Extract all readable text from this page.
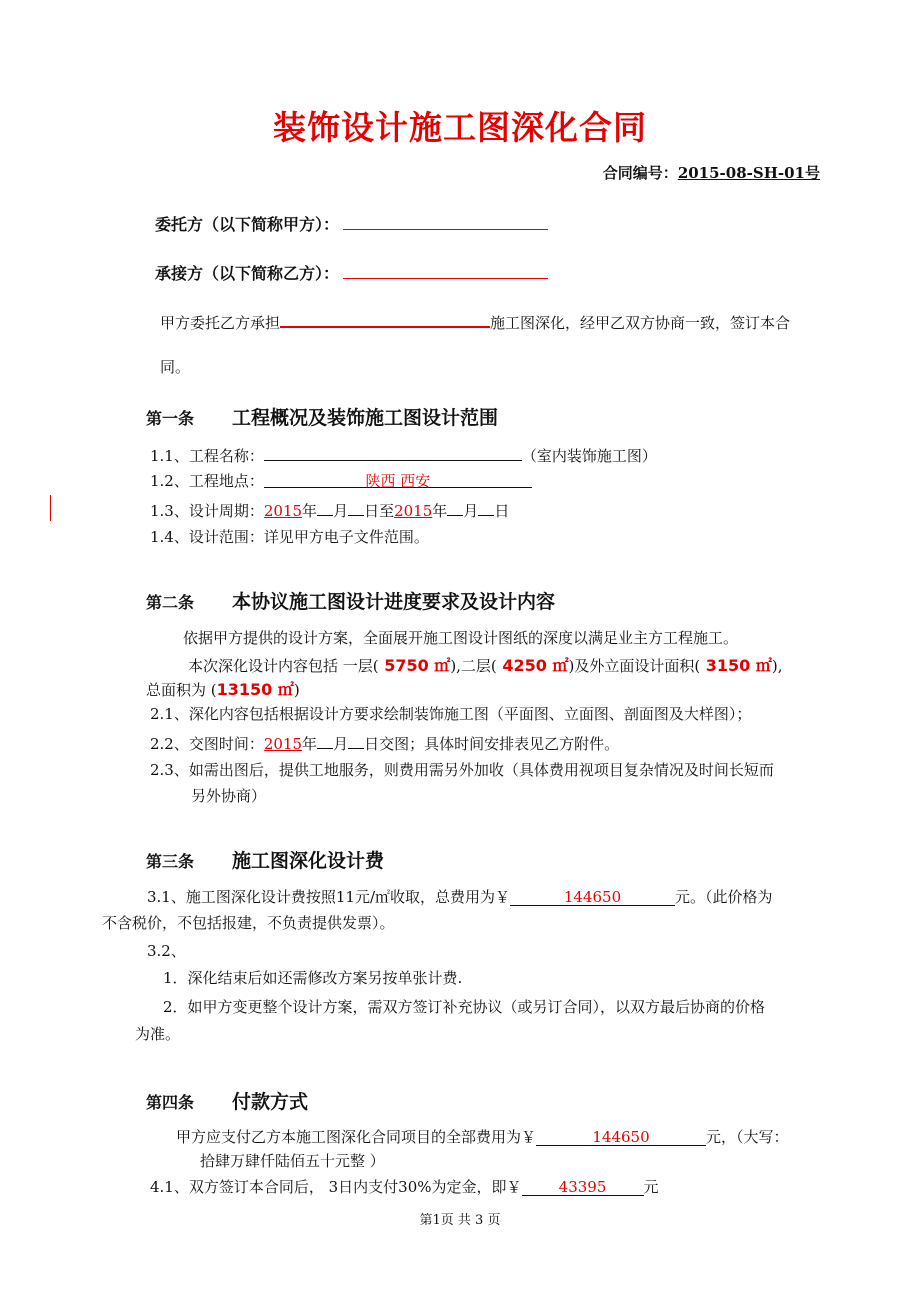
装饰设计施工图深化合同
合同编号：2015-08-SH-01号
委托方（以下简称甲方）：
承接方（以下简称乙方）：
甲方委托乙方承担	施工图深化，经甲乙双方协商一致，签订本合
同。
第一条 工程概况及装饰施工图设计范围
1.1、工程名称：	（室内装饰施工图）
1.2、工程地点：	陕西 西安
1.3、设计周期：2015年 月 日至2015年 月 日
1.4、设计范围：详见甲方电子文件范围。
第二条 本协议施工图设计进度要求及设计内容
依据甲方提供的设计方案，全面展开施工图设计图纸的深度以满足业主方工程施工。
本次深化设计内容包括 一层( 5750 ㎡),二层( 4250 ㎡)及外立面设计面积( 3150 ㎡),
总面积为 (13150 ㎡)
2.1、深化内容包括根据设计方要求绘制装饰施工图（平面图、立面图、剖面图及大样图）；
2.2、交图时间：2015年 月 日交图；具体时间安排表见乙方附件。
2.3、如需出图后，提供工地服务，则费用需另外加收（具体费用视项目复杂情况及时间长短而
另外协商）
第三条 施工图深化设计费
3.1、施工图深化设计费按照11元/㎡收取，总费用为￥	144650	元。（此价格为
不含税价，不包括报建，不负责提供发票）。
3.2、
1．深化结束后如还需修改方案另按单张计费.
2．如甲方变更整个设计方案，需双方签订补充协议（或另订合同），以双方最后协商的价格
为准。
第四条 付款方式
甲方应支付乙方本施工图深化合同项目的全部费用为￥	144650	元，（大写：
拾肆万肆仟陆佰五十元整 ）
4.1、双方签订本合同后， 3日内支付30%为定金，即￥ 43395 元
第1页 共 3 页
